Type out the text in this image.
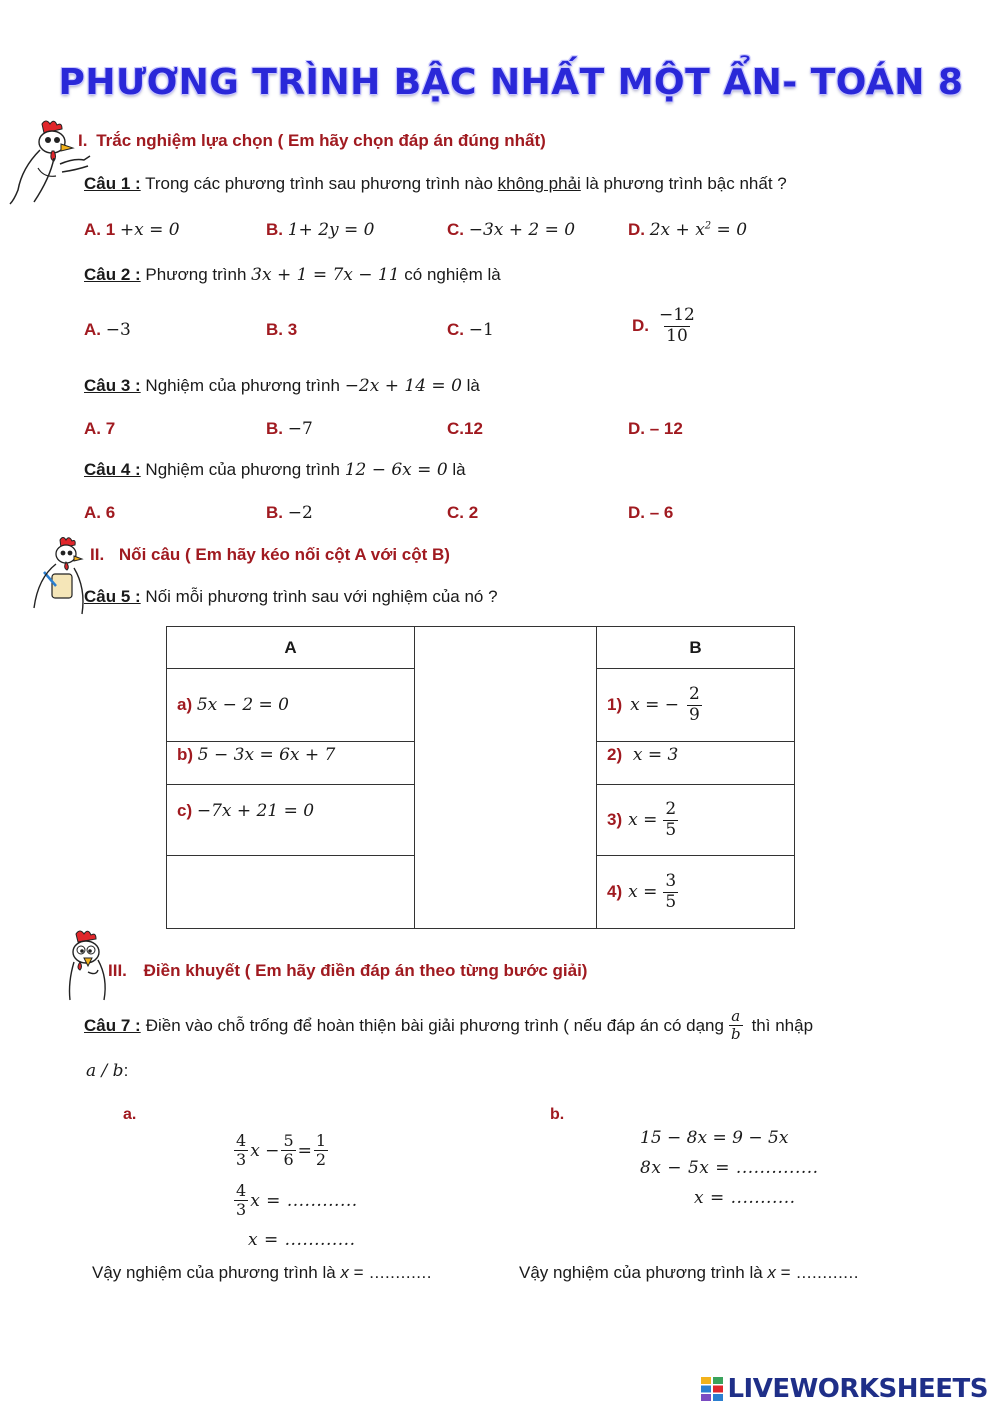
PHƯƠNG TRÌNH BẬC NHẤT MỘT ẨN- TOÁN 8
I. Trắc nghiệm lựa chọn ( Em hãy chọn đáp án đúng nhất)
Câu 1 : Trong các phương trình sau phương trình nào không phải là phương trình bậc nhất ?
A. 1 +x = 0	B. 1+ 2y = 0	C. −3x + 2 = 0	D. $2x + x^2 = 0$
Câu 2 : Phương trình 3x + 1 = 7x − 11 có nghiệm là
A. −3	B. 3	C. −1	D. $\frac{-12}{10}$
Câu 3 : Nghiệm của phương trình −2x + 14 = 0 là
A. 7	B. −7	C.12	D. – 12
Câu 4 : Nghiệm của phương trình 12 − 6x = 0 là
A. 6	B. −2	C. 2	D. – 6
II. Nối câu ( Em hãy kéo nối cột A với cột B)
Câu 5 : Nối mỗi phương trình sau với nghiệm của nó ?
A		B
a) 5x − 2 = 0		1) x = − $\frac{2}{9}$

b) 5 − 3x = 6x + 7		2) x = 3
c) −7x + 21 = 0		3) $x = \frac{2}{5}$

		4) $x = \frac{3}{5}$
III. Điền khuyết ( Em hãy điền đáp án theo từng bước giải)
Câu 7 : Điền vào chỗ trống để hoàn thiện bài giải phương trình ( nếu đáp án có dạng $\frac{a}{b}$ thì nhập
a / b:
a.
$\frac{4}{3}$ $x - \frac{5}{6} = \frac{1}{2}$
$\frac{4}{3}$ x = ............
x = ............
Vậy nghiệm của phương trình là x = ............
b.
15 − 8x = 9 − 5x
8x − 5x = ..............
x = ...........
Vậy nghiệm của phương trình là x = ............
LIVEWORKSHEETS
